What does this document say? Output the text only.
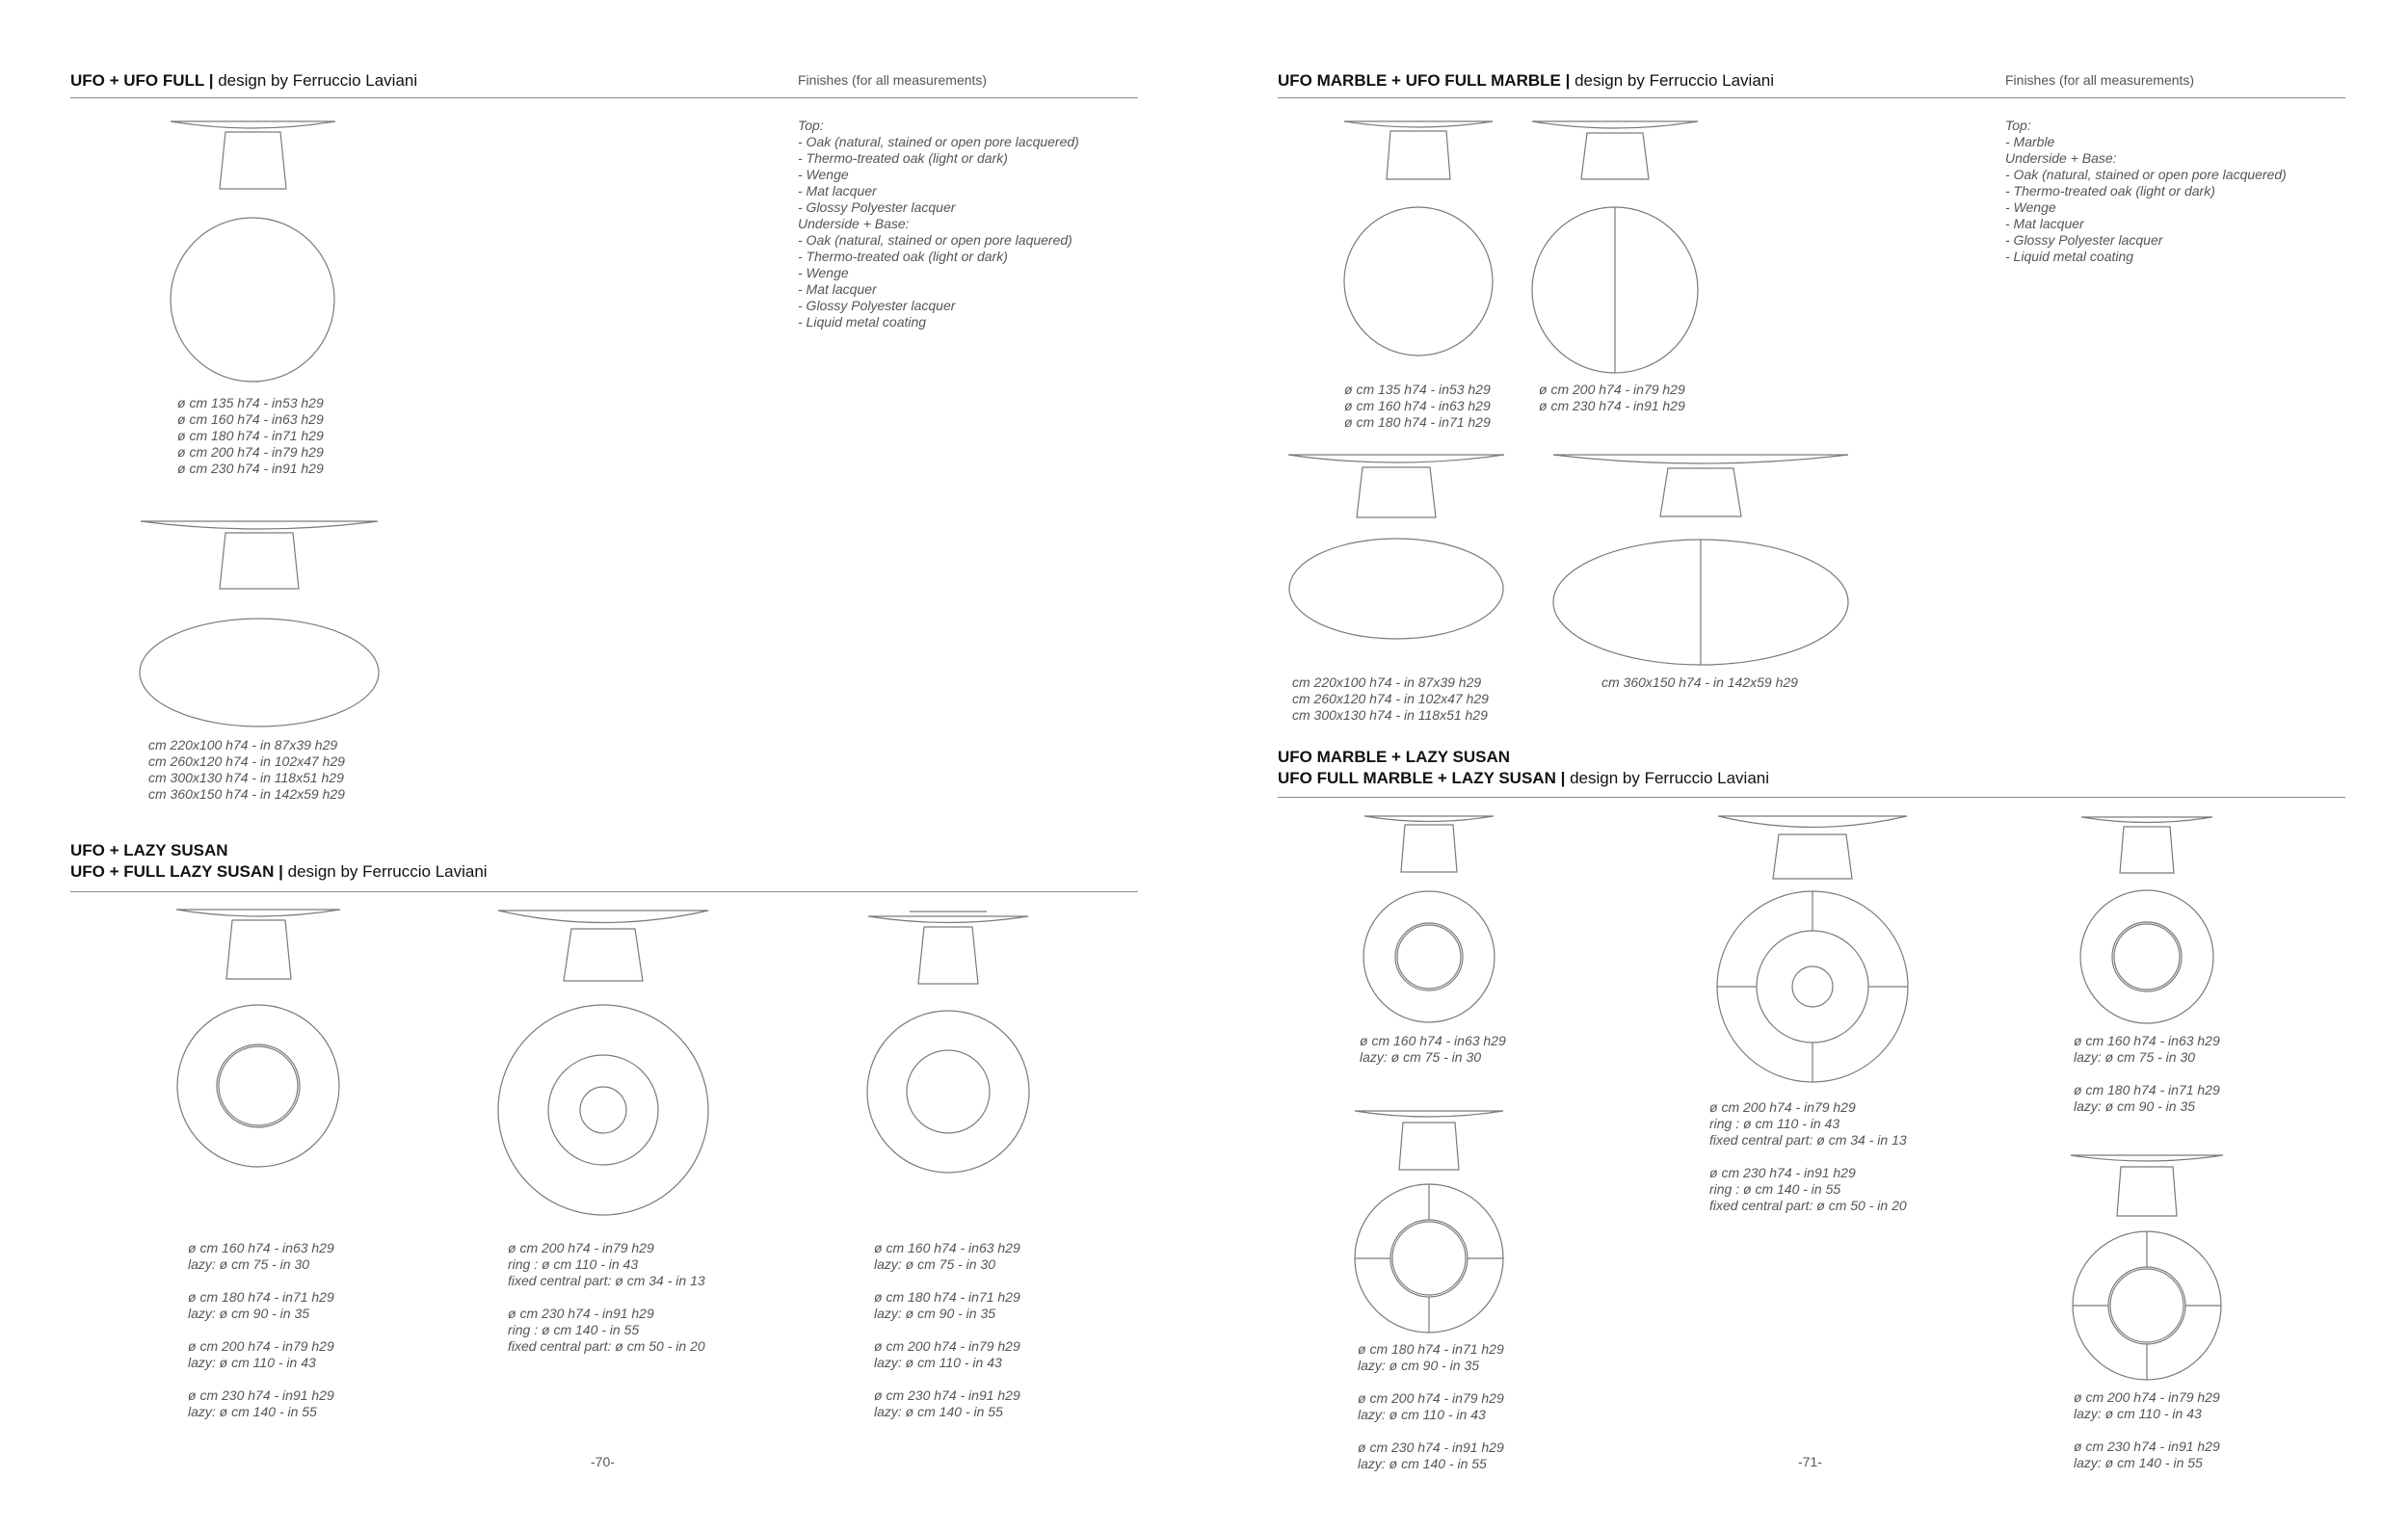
UFO + UFO FULL | design by Ferruccio Laviani	Finishes (for all measurements)
Top:
- Oak (natural, stained or open pore lacquered)
- Thermo-treated oak (light or dark)
- Wenge
- Mat lacquer
- Glossy Polyester lacquer
Underside + Base:
- Oak (natural, stained or open pore laquered)
- Thermo-treated oak (light or dark)
- Wenge
- Mat lacquer
- Glossy Polyester lacquer
- Liquid metal coating
ø cm 135 h74 - in53 h29
ø cm 160 h74 - in63 h29
ø cm 180 h74 - in71 h29
ø cm 200 h74 - in79 h29
ø cm 230 h74 - in91 h29
cm 220x100 h74 - in 87x39 h29
cm 260x120 h74 - in 102x47 h29
cm 300x130 h74 - in 118x51 h29
cm 360x150 h74 - in 142x59 h29
UFO + LAZY SUSAN
UFO + FULL LAZY SUSAN | design by Ferruccio Laviani
ø cm 160 h74 - in63 h29
lazy: ø cm 75 - in 30
ø cm 180 h74 - in71 h29
lazy: ø cm 90 - in 35
ø cm 200 h74 - in79 h29
lazy: ø cm 110 - in 43
ø cm 230 h74 - in91 h29
lazy: ø cm 140 - in 55
ø cm 200 h74 - in79 h29
ring : ø cm 110 - in 43
fixed central part: ø cm 34 - in 13
ø cm 230 h74 - in91 h29
ring : ø cm 140 - in 55
fixed central part: ø cm 50 - in 20
ø cm 160 h74 - in63 h29
lazy: ø cm 75 - in 30
ø cm 180 h74 - in71 h29
lazy: ø cm 90 - in 35
ø cm 200 h74 - in79 h29
lazy: ø cm 110 - in 43
ø cm 230 h74 - in91 h29
lazy: ø cm 140 - in 55
-70-
UFO MARBLE + UFO FULL MARBLE | design by Ferruccio Laviani	Finishes (for all measurements)
Top:
- Marble
Underside + Base:
- Oak (natural, stained or open pore lacquered)
- Thermo-treated oak (light or dark)
- Wenge
- Mat lacquer
- Glossy Polyester lacquer
- Liquid metal coating
ø cm 135 h74 - in53 h29
ø cm 160 h74 - in63 h29
ø cm 180 h74 - in71 h29
ø cm 200 h74 - in79 h29
ø cm 230 h74 - in91 h29
cm 220x100 h74 - in 87x39 h29
cm 260x120 h74 - in 102x47 h29
cm 300x130 h74 - in 118x51 h29
cm 360x150 h74 - in 142x59 h29
UFO MARBLE + LAZY SUSAN
UFO FULL MARBLE + LAZY SUSAN | design by Ferruccio Laviani
ø cm 160 h74 - in63 h29
lazy: ø cm 75 - in 30
ø cm 180 h74 - in71 h29
lazy: ø cm 90 - in 35
ø cm 200 h74 - in79 h29
lazy: ø cm 110 - in 43
ø cm 230 h74 - in91 h29
lazy: ø cm 140 - in 55
ø cm 200 h74 - in79 h29
ring : ø cm 110 - in 43
fixed central part: ø cm 34 - in 13
ø cm 230 h74 - in91 h29
ring : ø cm 140 - in 55
fixed central part: ø cm 50 - in 20
ø cm 160 h74 - in63 h29
lazy: ø cm 75 - in 30
ø cm 180 h74 - in71 h29
lazy: ø cm 90 - in 35
ø cm 200 h74 - in79 h29
lazy: ø cm 110 - in 43
ø cm 230 h74 - in91 h29
lazy: ø cm 140 - in 55
-71-
